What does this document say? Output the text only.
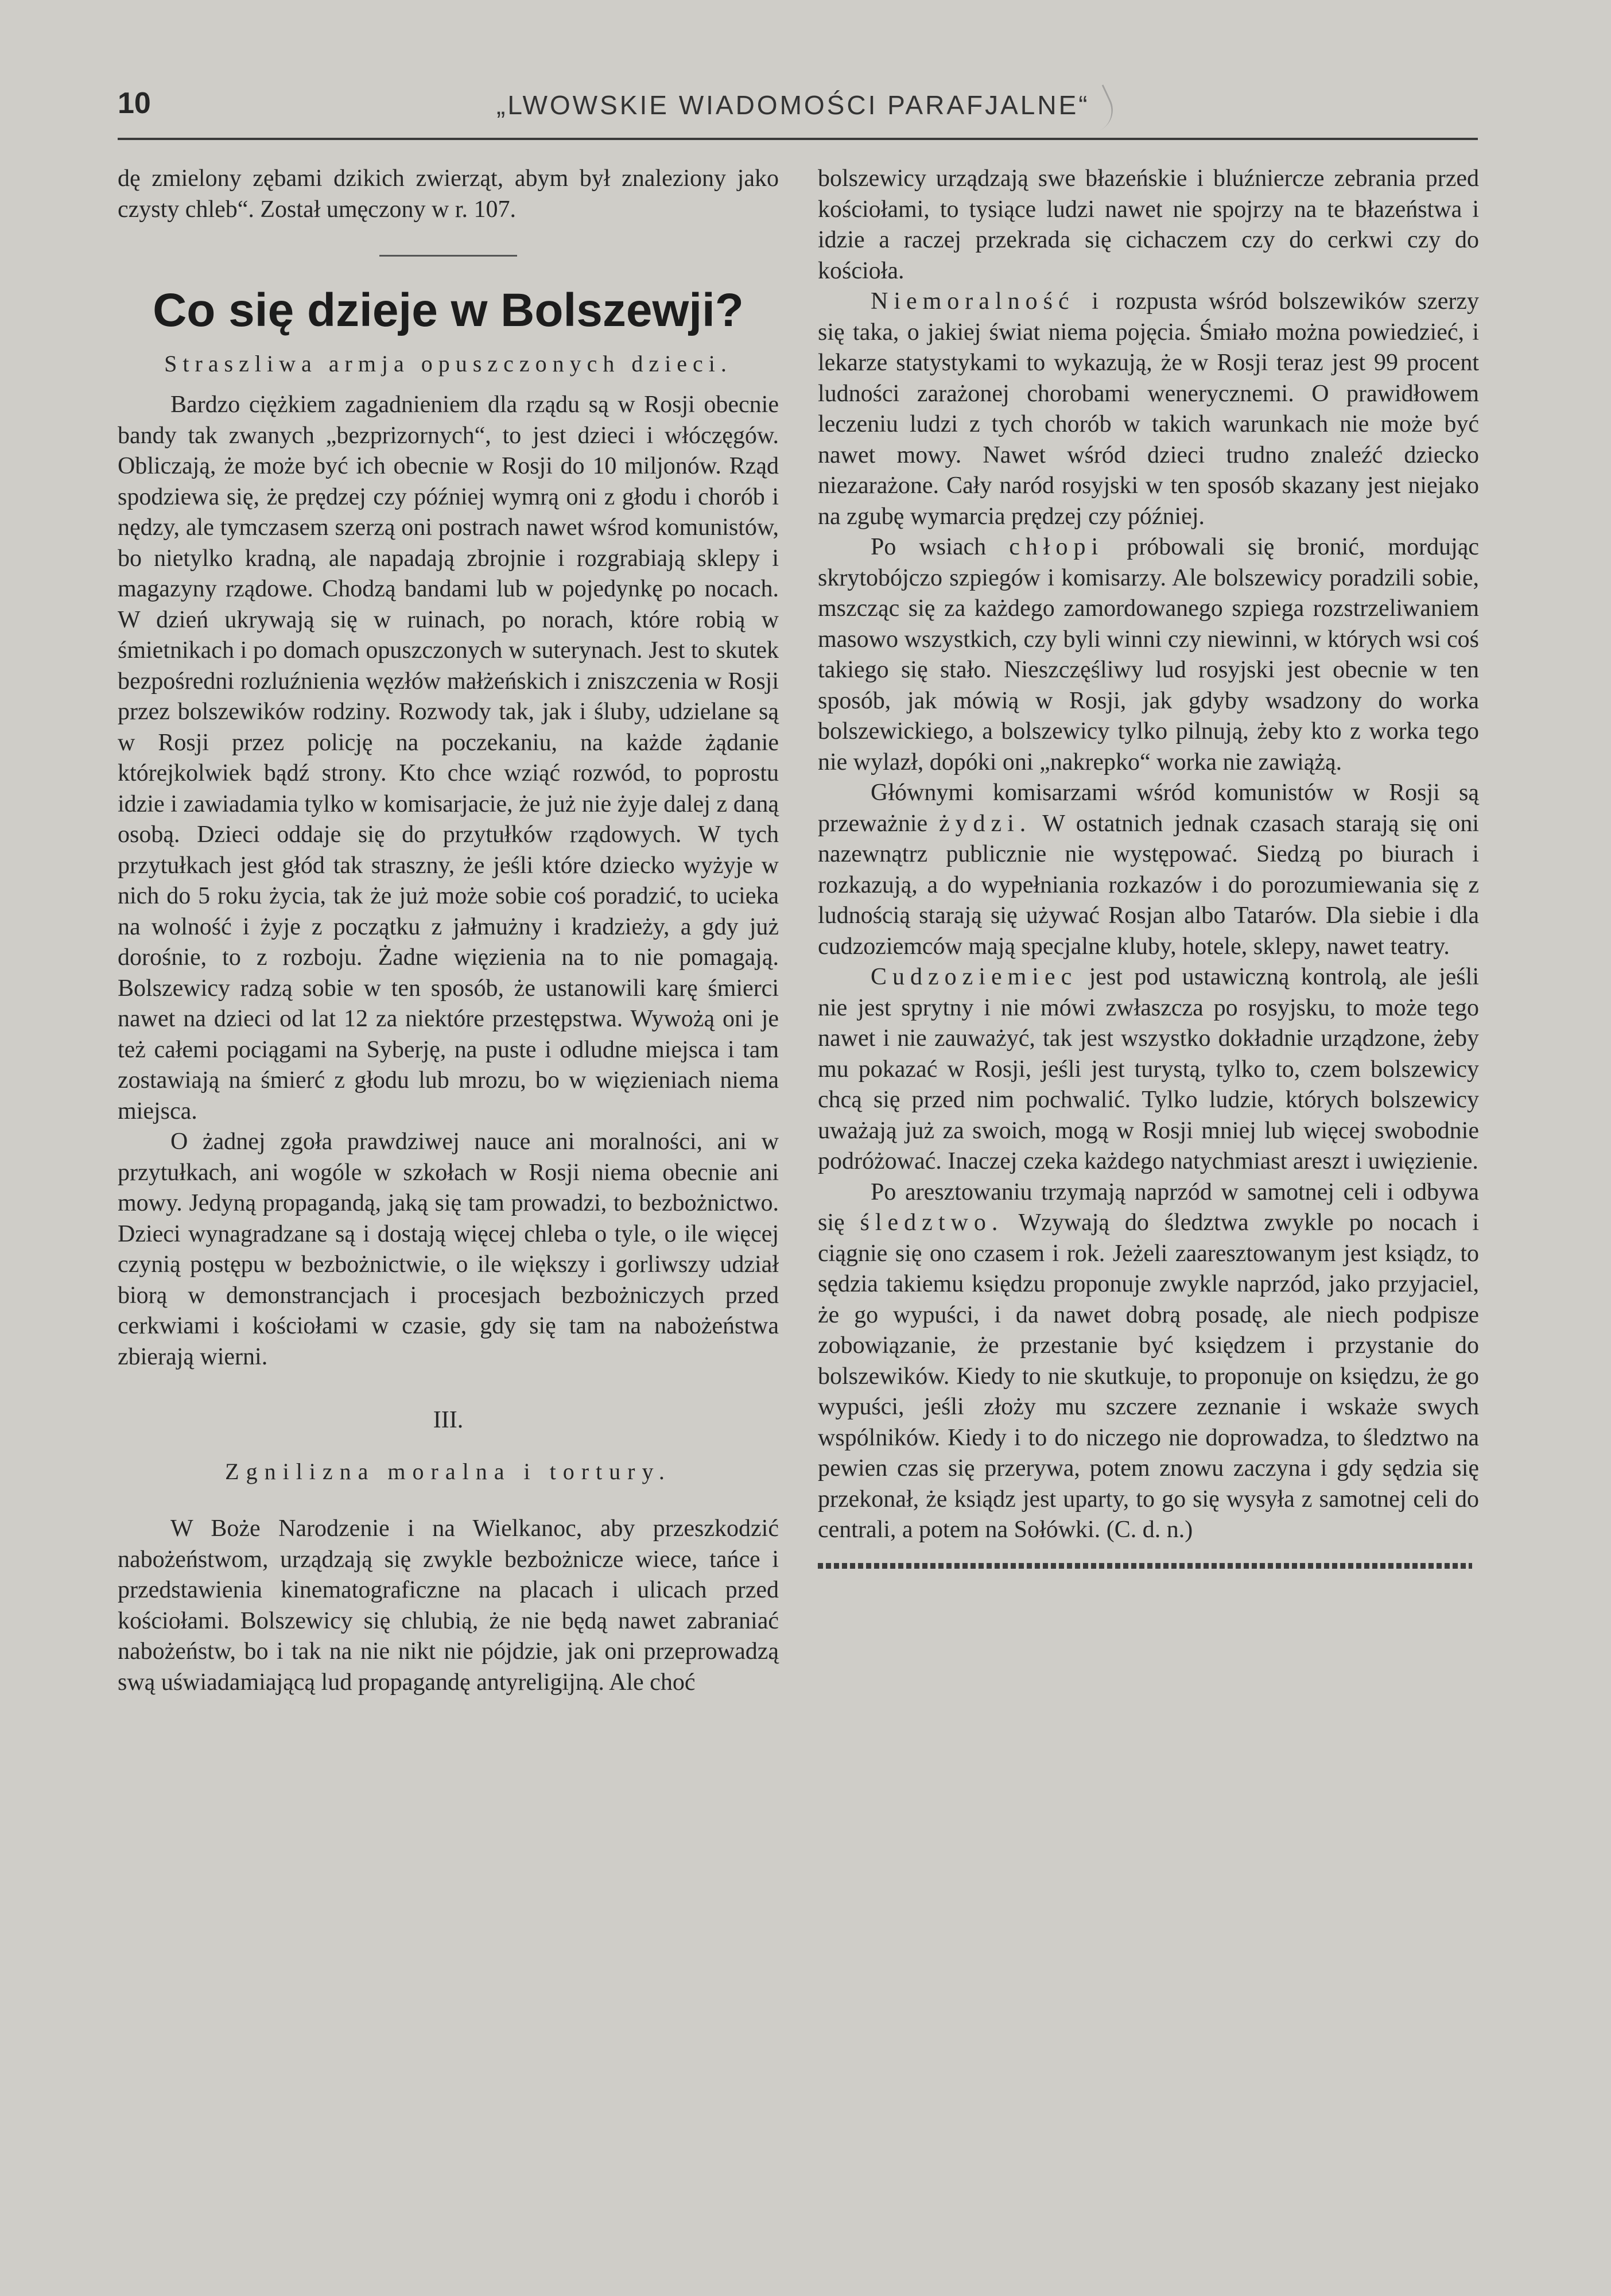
10	„LWOWSKIE WIADOMOŚCI PARAFJALNE“

dę zmielony zębami dzikich zwierząt, abym był znaleziony jako czysty chleb“. Został umęczony w r. 107.

Co się dzieje w Bolszewji?
Straszliwa armja opuszczonych dzieci.

Bardzo ciężkiem zagadnieniem dla rządu są w Rosji obecnie bandy tak zwanych „bezprizornych“, to jest dzieci i włóczęgów. Obliczają, że może być ich obecnie w Rosji do 10 miljonów. Rząd spodziewa się, że prędzej czy później wymrą oni z głodu i chorób i nędzy, ale tymczasem szerzą oni postrach nawet wśrod komunistów, bo nietylko kradną, ale napadają zbrojnie i rozgrabiają sklepy i magazyny rządowe. Chodzą bandami lub w pojedynkę po nocach. W dzień ukrywają się w ruinach, po norach, które robią w śmietnikach i po domach opuszczonych w suterynach. Jest to skutek bezpośredni rozluźnienia węzłów małżeńskich i zniszczenia w Rosji przez bolszewików rodziny. Rozwody tak, jak i śluby, udzielane są w Rosji przez policję na poczekaniu, na każde żądanie którejkolwiek bądź strony. Kto chce wziąć rozwód, to poprostu idzie i zawiadamia tylko w komisarjacie, że już nie żyje dalej z daną osobą. Dzieci oddaje się do przytułków rządowych. W tych przytułkach jest głód tak straszny, że jeśli które dziecko wyżyje w nich do 5 roku życia, tak że już może sobie coś poradzić, to ucieka na wolność i żyje z początku z jałmużny i kradzieży, a gdy już dorośnie, to z rozboju. Żadne więzienia na to nie pomagają. Bolszewicy radzą sobie w ten sposób, że ustanowili karę śmierci nawet na dzieci od lat 12 za niektóre przestępstwa. Wywożą oni je też całemi pociągami na Syberję, na puste i odludne miejsca i tam zostawiają na śmierć z głodu lub mrozu, bo w więzieniach niema miejsca.

O żadnej zgoła prawdziwej nauce ani moralności, ani w przytułkach, ani wogóle w szkołach w Rosji niema obecnie ani mowy. Jedyną propagandą, jaką się tam prowadzi, to bezbożnictwo. Dzieci wynagradzane są i dostają więcej chleba o tyle, o ile więcej czynią postępu w bezbożnictwie, o ile większy i gorliwszy udział biorą w demonstrancjach i procesjach bezbożniczych przed cerkwiami i kościołami w czasie, gdy się tam na nabożeństwa zbierają wierni.

III.
Zgnilizna moralna i tortury.

W Boże Narodzenie i na Wielkanoc, aby przeszkodzić nabożeństwom, urządzają się zwykle bezbożnicze wiece, tańce i przedstawienia kinematograficzne na placach i ulicach przed kościołami. Bolszewicy się chlubią, że nie będą nawet zabraniać nabożeństw, bo i tak na nie nikt nie pójdzie, jak oni przeprowadzą swą uświadamiającą lud propagandę antyreligijną. Ale choć

bolszewicy urządzają swe błazeńskie i bluźniercze zebrania przed kościołami, to tysiące ludzi nawet nie spojrzy na te błazeństwa i idzie a raczej przekrada się cichaczem czy do cerkwi czy do kościoła.

Niemoralność i rozpusta wśród bolszewików szerzy się taka, o jakiej świat niema pojęcia. Śmiało można powiedzieć, i lekarze statystykami to wykazują, że w Rosji teraz jest 99 procent ludności zarażonej chorobami wenerycznemi. O prawidłowem leczeniu ludzi z tych chorób w takich warunkach nie może być nawet mowy. Nawet wśród dzieci trudno znaleźć dziecko niezarażone. Cały naród rosyjski w ten sposób skazany jest niejako na zgubę wymarcia prędzej czy później.

Po wsiach chłopi próbowali się bronić, mordując skrytobójczo szpiegów i komisarzy. Ale bolszewicy poradzili sobie, mszcząc się za każdego zamordowanego szpiega rozstrzeliwaniem masowo wszystkich, czy byli winni czy niewinni, w których wsi coś takiego się stało. Nieszczęśliwy lud rosyjski jest obecnie w ten sposób, jak mówią w Rosji, jak gdyby wsadzony do worka bolszewickiego, a bolszewicy tylko pilnują, żeby kto z worka tego nie wylazł, dopóki oni „nakrepko“ worka nie zawiążą.

Głównymi komisarzami wśród komunistów w Rosji są przeważnie żydzi. W ostatnich jednak czasach starają się oni nazewnątrz publicznie nie występować. Siedzą po biurach i rozkazują, a do wypełniania rozkazów i do porozumiewania się z ludnością starają się używać Rosjan albo Tatarów. Dla siebie i dla cudzoziemców mają specjalne kluby, hotele, sklepy, nawet teatry.

Cudzoziemiec jest pod ustawiczną kontrolą, ale jeśli nie jest sprytny i nie mówi zwłaszcza po rosyjsku, to może tego nawet i nie zauważyć, tak jest wszystko dokładnie urządzone, żeby mu pokazać w Rosji, jeśli jest turystą, tylko to, czem bolszewicy chcą się przed nim pochwalić. Tylko ludzie, których bolszewicy uważają już za swoich, mogą w Rosji mniej lub więcej swobodnie podróżować. Inaczej czeka każdego natychmiast areszt i uwięzienie.

Po aresztowaniu trzymają naprzód w samotnej celi i odbywa się śledztwo. Wzywają do śledztwa zwykle po nocach i ciągnie się ono czasem i rok. Jeżeli zaaresztowanym jest ksiądz, to sędzia takiemu księdzu proponuje zwykle naprzód, jako przyjaciel, że go wypuści, i da nawet dobrą posadę, ale niech podpisze zobowiązanie, że przestanie być księdzem i przystanie do bolszewików. Kiedy to nie skutkuje, to proponuje on księdzu, że go wypuści, jeśli złoży mu szczere zeznanie i wskaże swych wspólników. Kiedy i to do niczego nie doprowadza, to śledztwo na pewien czas się przerywa, potem znowu zaczyna i gdy sędzia się przekonał, że ksiądz jest uparty, to go się wysyła z samotnej celi do centrali, a potem na Sołówki. (C. d. n.)
